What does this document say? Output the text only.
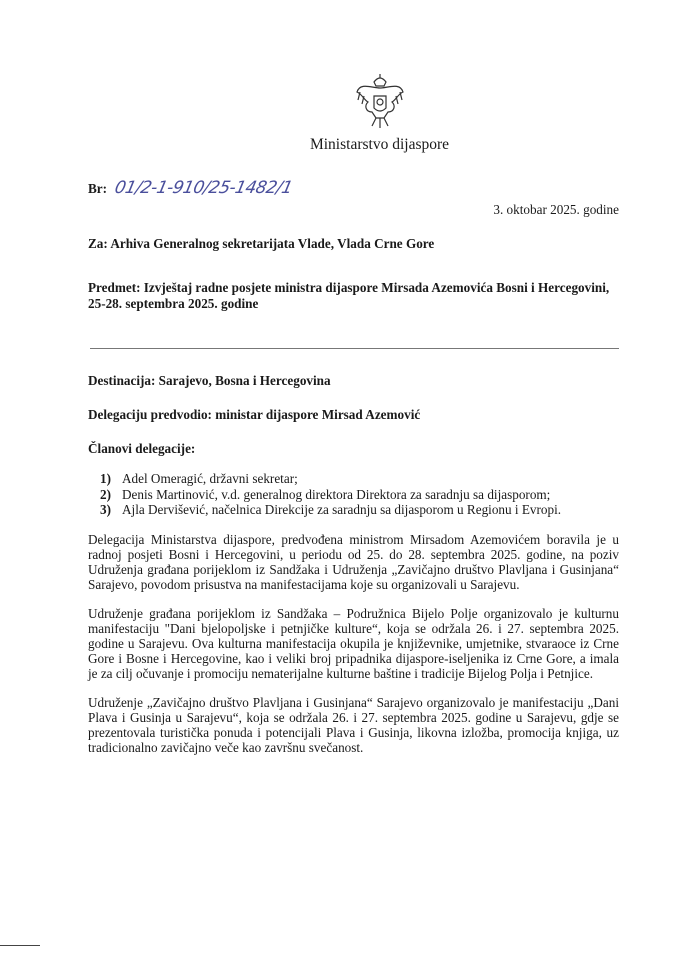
Ministarstvo dijaspore
Br: 01/2-1-910/25-1482/1
3. oktobar 2025. godine
Za: Arhiva Generalnog sekretarijata Vlade, Vlada Crne Gore
Predmet: Izvještaj radne posjete ministra dijaspore Mirsada Azemovića Bosni i Hercegovini, 25-28. septembra 2025. godine
Destinacija: Sarajevo, Bosna i Hercegovina
Delegaciju predvodio: ministar dijaspore Mirsad Azemović
Članovi delegacije:
1) Adel Omeragić, državni sekretar;
2) Denis Martinović, v.d. generalnog direktora Direktora za saradnju sa dijasporom;
3) Ajla Dervišević, načelnica Direkcije za saradnju sa dijasporom u Regionu i Evropi.
Delegacija Ministarstva dijaspore, predvođena ministrom Mirsadom Azemovićem boravila je u radnoj posjeti Bosni i Hercegovini, u periodu od 25. do 28. septembra 2025. godine, na poziv Udruženja građana porijeklom iz Sandžaka i Udruženja „Zavičajno društvo Plavljana i Gusinjana“ Sarajevo, povodom prisustva na manifestacijama koje su organizovali u Sarajevu.
Udruženje građana porijeklom iz Sandžaka – Podružnica Bijelo Polje organizovalo je kulturnu manifestaciju "Dani bjelopoljske i petnjičke kulture“, koja se održala 26. i 27. septembra 2025. godine u Sarajevu. Ova kulturna manifestacija okupila je književnike, umjetnike, stvaraoce iz Crne Gore i Bosne i Hercegovine, kao i veliki broj pripadnika dijaspore-iseljenika iz Crne Gore, a imala je za cilj očuvanje i promociju nematerijalne kulturne baštine i tradicije Bijelog Polja i Petnjice.
Udruženje „Zavičajno društvo Plavljana i Gusinjana“ Sarajevo organizovalo je manifestaciju „Dani Plava i Gusinja u Sarajevu“, koja se održala 26. i 27. septembra 2025. godine u Sarajevu, gdje se prezentovala turistička ponuda i potencijali Plava i Gusinja, likovna izložba, promocija knjiga, uz tradicionalno zavičajno veče kao završnu svečanost.
